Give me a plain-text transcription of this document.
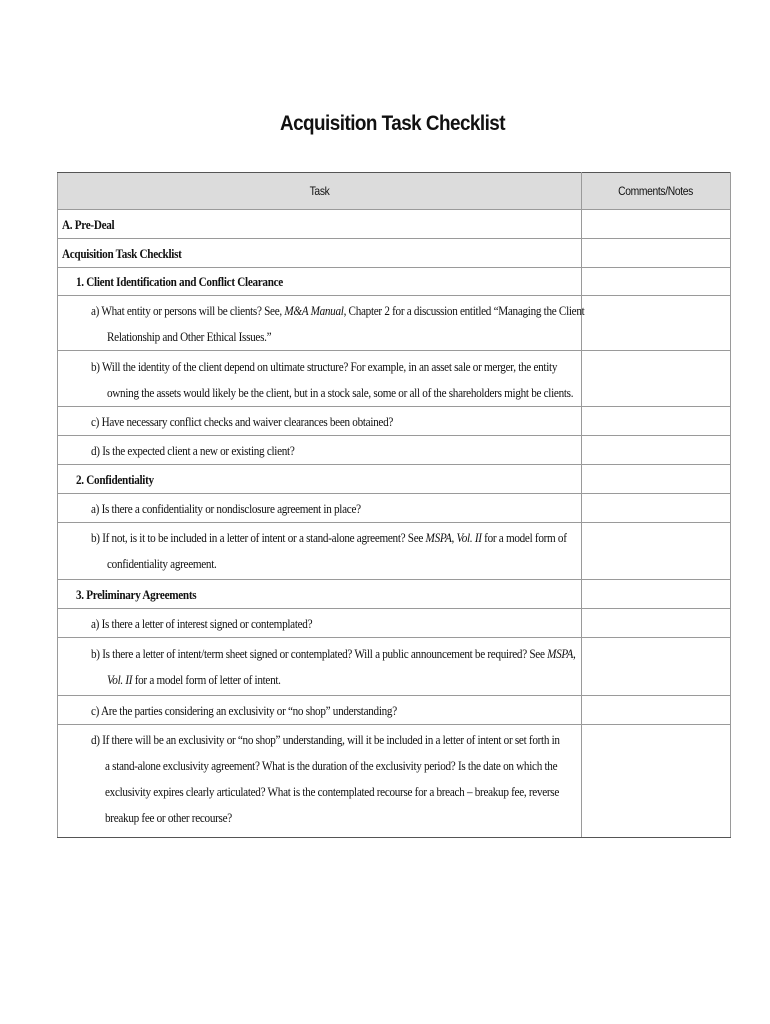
Acquisition Task Checklist
Task	Comments/Notes

A. Pre-Deal	

Acquisition Task Checklist	

1. Client Identification and Conflict Clearance	

a) What entity or persons will be clients? See, M&A Manual, Chapter 2 for a discussion entitled “Managing the Client
Relationship and Other Ethical Issues.”	

b) Will the identity of the client depend on ultimate structure? For example, in an asset sale or merger, the entity
owning the assets would likely be the client, but in a stock sale, some or all of the shareholders might be clients.	

c) Have necessary conflict checks and waiver clearances been obtained?	

d) Is the expected client a new or existing client?	

2. Confidentiality	

a) Is there a confidentiality or nondisclosure agreement in place?	

b) If not, is it to be included in a letter of intent or a stand-alone agreement? See MSPA, Vol. II for a model form of
confidentiality agreement.	

3. Preliminary Agreements	

a) Is there a letter of interest signed or contemplated?	

b) Is there a letter of intent/term sheet signed or contemplated? Will a public announcement be required? See MSPA,
Vol. II for a model form of letter of intent.	

c) Are the parties considering an exclusivity or “no shop” understanding?	

d) If there will be an exclusivity or “no shop” understanding, will it be included in a letter of intent or set forth in
a stand-alone exclusivity agreement? What is the duration of the exclusivity period? Is the date on which the
exclusivity expires clearly articulated? What is the contemplated recourse for a breach – breakup fee, reverse
breakup fee or other recourse?	
